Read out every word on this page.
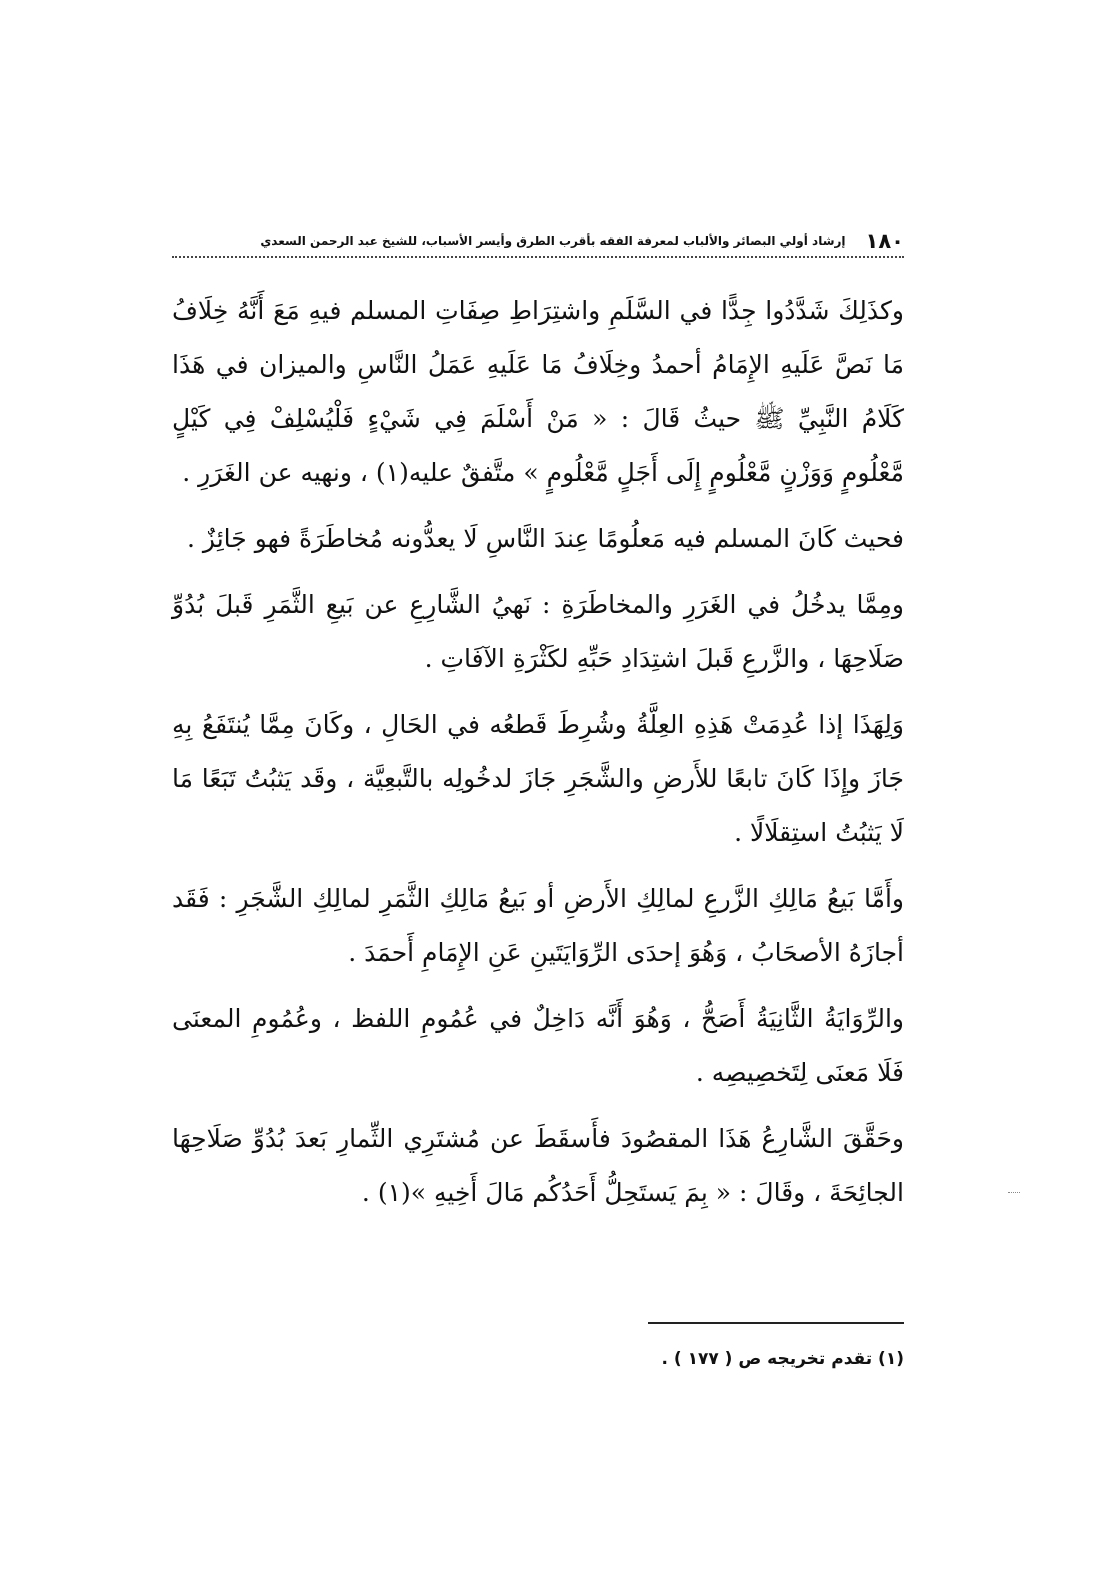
١٨٠
إرشاد أولي البصائر والألباب لمعرفة الفقه بأقرب الطرق وأيسر الأسباب، للشيخ عبد الرحمن السعدي

وكذَلِكَ شَدَّدُوا جِدًّا في السَّلَمِ واشتِرَاطِ صِفَاتِ المسلم فيهِ مَعَ أَنَّهُ خِلَافُ مَا نَصَّ عَلَيهِ الإِمَامُ أحمدُ وخِلَافُ مَا عَلَيهِ عَمَلُ النَّاسِ والميزان في هَذَا كَلَامُ النَّبِيِّ ﷺ حيثُ قَالَ : « مَنْ أَسْلَمَ فِي شَيْءٍ فَلْيُسْلِفْ فِي كَيْلٍ مَّعْلُومٍ وَوَزْنٍ مَّعْلُومٍ إِلَى أَجَلٍ مَّعْلُومٍ » متَّفقٌ عليه(١) ، ونهيه عن الغَرَرِ .

فحيث كَانَ المسلم فيه مَعلُومًا عِندَ النَّاسِ لَا يعدُّونه مُخاطَرَةً فهو جَائِزٌ .

ومِمَّا يدخُلُ في الغَرَرِ والمخاطَرَةِ : نَهيُ الشَّارِعِ عن بَيعِ الثَّمَرِ قَبلَ بُدُوِّ صَلَاحِهَا ، والزَّرعِ قَبلَ اشتِدَادِ حَبِّهِ لكَثْرَةِ الآفَاتِ .

وَلِهَذَا إذا عُدِمَتْ هَذِهِ العِلَّةُ وشُرِطَ قَطعُه في الحَالِ ، وكَانَ مِمَّا يُنتَفَعُ بِهِ جَازَ وإِذَا كَانَ تابعًا للأَرضِ والشَّجَرِ جَازَ لدخُولِه بالتَّبعِيَّة ، وقَد يَثبُتُ تَبَعًا مَا لَا يَثبُتُ استِقلَالًا .

وأَمَّا بَيعُ مَالِكِ الزَّرعِ لمالِكِ الأَرضِ أو بَيعُ مَالِكِ الثَّمَرِ لمالِكِ الشَّجَرِ : فَقَد أجازَهُ الأصحَابُ ، وَهُوَ إحدَى الرِّوَايَتَينِ عَنِ الإِمَامِ أَحمَدَ .

والرِّوَايَةُ الثَّانِيَةُ أَصَحُّ ، وَهُوَ أَنَّه دَاخِلٌ في عُمُومِ اللفظ ، وعُمُومِ المعنَى فَلَا مَعنَى لِتَخصِيصِه .

وحَقَّقَ الشَّارِعُ هَذَا المقصُودَ فأَسقَطَ عن مُشتَرِي الثِّمارِ بَعدَ بُدُوِّ صَلَاحِهَا الجائِحَةَ ، وقَالَ : « بِمَ يَستَحِلُّ أَحَدُكُم مَالَ أَخِيهِ »(١) .

(١) تقدم تخريجه ص ( ١٧٧ ) .
